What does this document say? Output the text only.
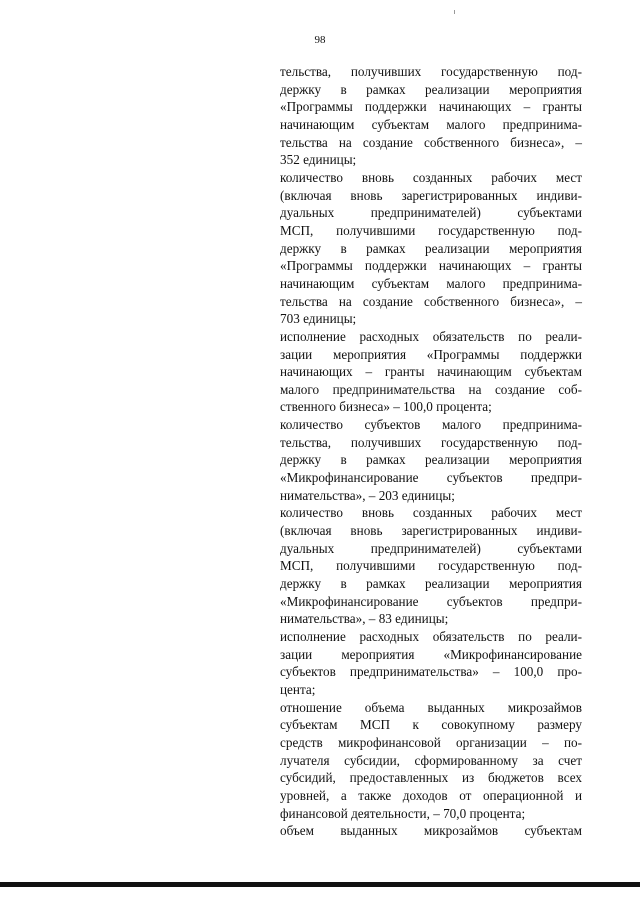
98
тельства, получивших государственную под-
держку в рамках реализации мероприятия
«Программы поддержки начинающих – гранты
начинающим субъектам малого предпринима-
тельства на создание собственного бизнеса», –
352 единицы;
количество вновь созданных рабочих мест
(включая вновь зарегистрированных индиви-
дуальных предпринимателей) субъектами
МСП, получившими государственную под-
держку в рамках реализации мероприятия
«Программы поддержки начинающих – гранты
начинающим субъектам малого предпринима-
тельства на создание собственного бизнеса», –
703 единицы;
исполнение расходных обязательств по реали-
зации мероприятия «Программы поддержки
начинающих – гранты начинающим субъектам
малого предпринимательства на создание соб-
ственного бизнеса» – 100,0 процента;
количество субъектов малого предпринима-
тельства, получивших государственную под-
держку в рамках реализации мероприятия
«Микрофинансирование субъектов предпри-
нимательства», – 203 единицы;
количество вновь созданных рабочих мест
(включая вновь зарегистрированных индиви-
дуальных предпринимателей) субъектами
МСП, получившими государственную под-
держку в рамках реализации мероприятия
«Микрофинансирование субъектов предпри-
нимательства», – 83 единицы;
исполнение расходных обязательств по реали-
зации мероприятия «Микрофинансирование
субъектов предпринимательства» – 100,0 про-
цента;
отношение объема выданных микрозаймов
субъектам МСП к совокупному размеру
средств микрофинансовой организации – по-
лучателя субсидии, сформированному за счет
субсидий, предоставленных из бюджетов всех
уровней, а также доходов от операционной и
финансовой деятельности, – 70,0 процента;
объем выданных микрозаймов субъектам
